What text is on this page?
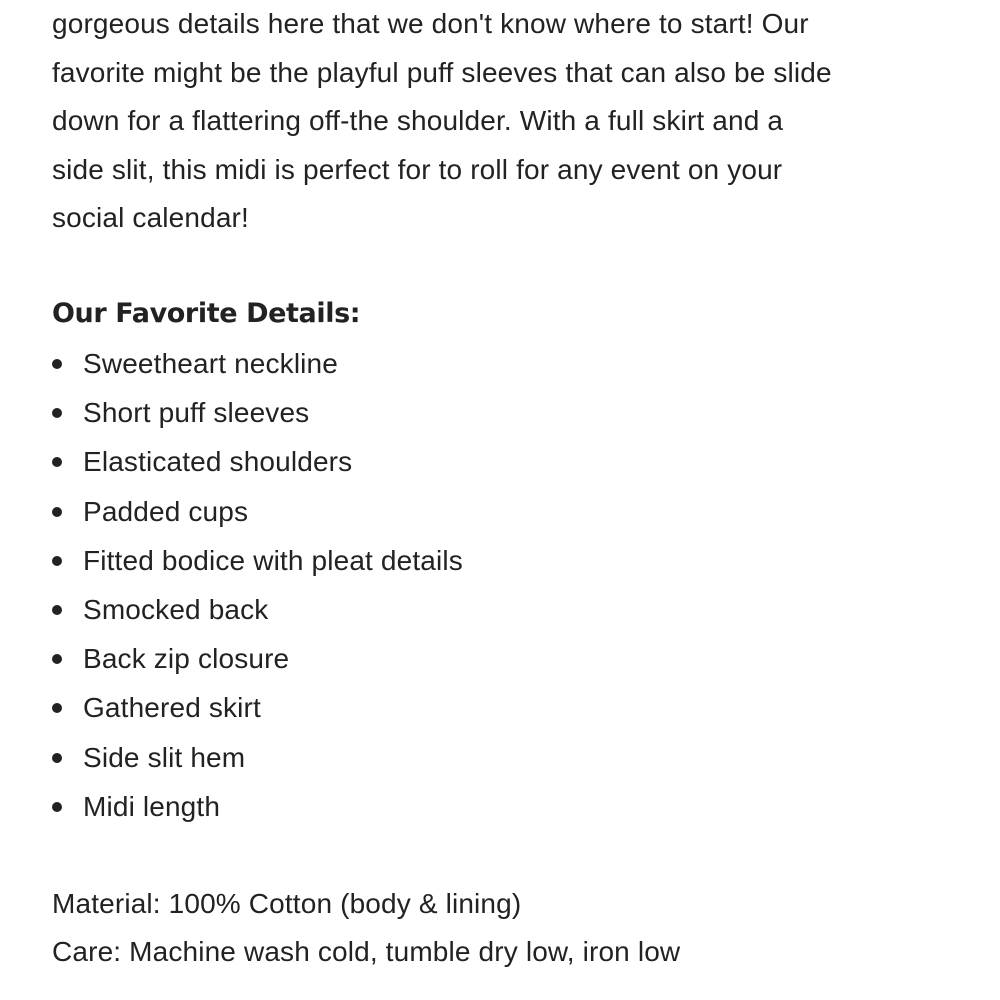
gorgeous details here that we don't know where to start! Our
favorite might be the playful puff sleeves that can also be slide
down for a flattering off-the shoulder. With a full skirt and a
side slit, this midi is perfect for to roll for any event on your
social calendar!

Our Favorite Details:
Sweetheart neckline
Short puff sleeves
Elasticated shoulders
Padded cups
Fitted bodice with pleat details
Smocked back
Back zip closure
Gathered skirt
Side slit hem
Midi length

Material: 100% Cotton (body & lining)

Care: Machine wash cold, tumble dry low, iron low
